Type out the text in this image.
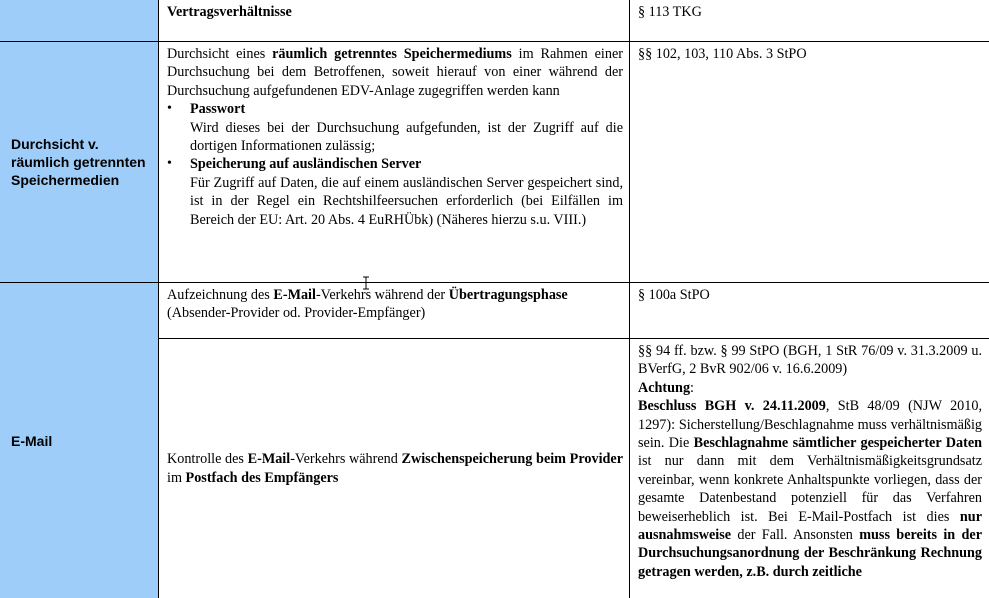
Vertragsverhältnisse	§ 113 TKG
Durchsicht v. räumlich getrennten Speichermedien
Durchsicht eines räumlich getrenntes Speichermediums im Rahmen einer Durchsuchung bei dem Betroffenen, soweit hierauf von einer während der Durchsuchung aufgefundenen EDV-Anlage zugegriffen werden kann
• Passwort
Wird dieses bei der Durchsuchung aufgefunden, ist der Zugriff auf die dortigen Informationen zulässig;
• Speicherung auf ausländischen Server
Für Zugriff auf Daten, die auf einem ausländischen Server gespeichert sind, ist in der Regel ein Rechtshilfeersuchen erforderlich (bei Eilfällen im Bereich der EU: Art. 20 Abs. 4 EuRHÜbk) (Näheres hierzu s.u. VIII.)
§§ 102, 103, 110 Abs. 3 StPO
E-Mail
Aufzeichnung des E-Mail-Verkehrs während der Übertragungsphase (Absender-Provider od. Provider-Empfänger)
§ 100a StPO
Kontrolle des E-Mail-Verkehrs während Zwischenspeicherung beim Provider im Postfach des Empfängers
§§ 94 ff. bzw. § 99 StPO (BGH, 1 StR 76/09 v. 31.3.2009 u. BVerfG, 2 BvR 902/06 v. 16.6.2009)
Achtung:
Beschluss BGH v. 24.11.2009, StB 48/09 (NJW 2010, 1297): Sicherstellung/Beschlagnahme muss verhältnismäßig sein. Die Beschlagnahme sämtlicher gespeicherter Daten ist nur dann mit dem Verhältnismäßigkeitsgrundsatz vereinbar, wenn konkrete Anhaltspunkte vorliegen, dass der gesamte Datenbestand potenziell für das Verfahren beweiserheblich ist. Bei E-Mail-Postfach ist dies nur ausnahmsweise der Fall. Ansonsten muss bereits in der Durchsuchungsanordnung der Beschränkung Rechnung getragen werden, z.B. durch zeitliche
